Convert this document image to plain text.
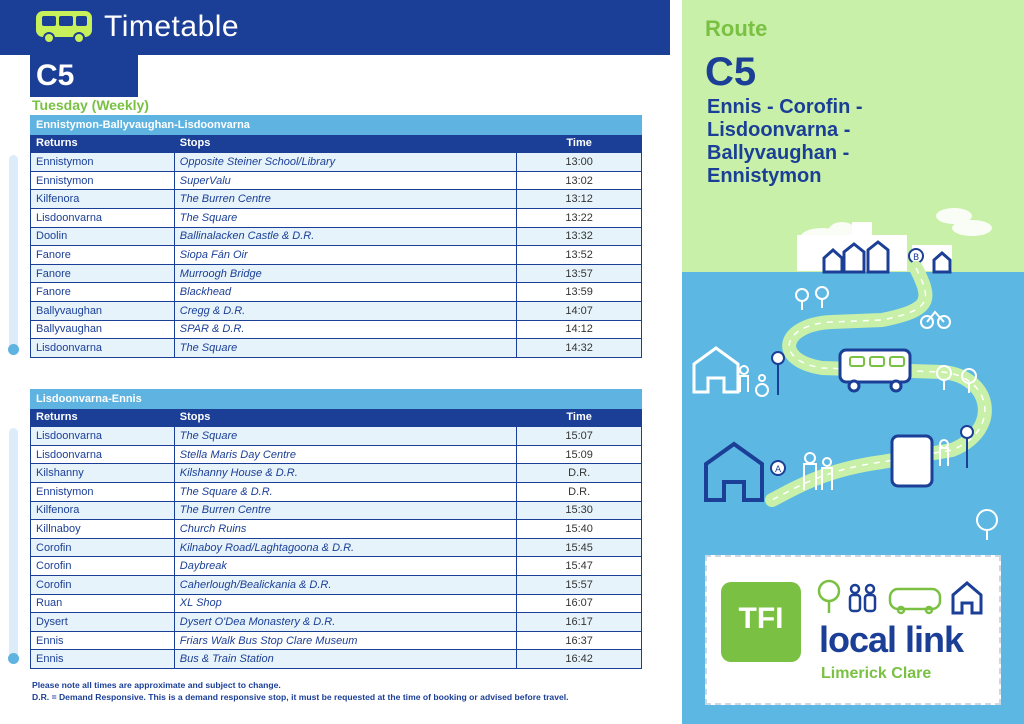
Timetable
C5
Tuesday (Weekly)
Ennistymon-Ballyvaughan-Lisdoonvarna		
Returns	Stops	Time
Ennistymon	Opposite Steiner School/Library	13:00
Ennistymon	SuperValu	13:02
Kilfenora	The Burren Centre	13:12
Lisdoonvarna	The Square	13:22
Doolin	Ballinalacken Castle & D.R.	13:32
Fanore	Siopa Fán Oir	13:52
Fanore	Murroogh Bridge	13:57
Fanore	Blackhead	13:59
Ballyvaughan	Cregg & D.R.	14:07
Ballyvaughan	SPAR & D.R.	14:12
Lisdoonvarna	The Square	14:32
Lisdoonvarna-Ennis		
Returns	Stops	Time
Lisdoonvarna	The Square	15:07
Lisdoonvarna	Stella Maris Day Centre	15:09
Kilshanny	Kilshanny House & D.R.	D.R.
Ennistymon	The Square & D.R.	D.R.
Kilfenora	The Burren Centre	15:30
Killnaboy	Church Ruins	15:40
Corofin	Kilnaboy Road/Laghtagoona & D.R.	15:45
Corofin	Daybreak	15:47
Corofin	Caherlough/Bealickania & D.R.	15:57
Ruan	XL Shop	16:07
Dysert	Dysert O'Dea Monastery & D.R.	16:17
Ennis	Friars Walk Bus Stop Clare Museum	16:37
Ennis	Bus & Train Station	16:42
Please note all times are approximate and subject to change.
D.R. = Demand Responsive. This is a demand responsive stop, it must be requested at the time of booking or advised before travel.
Route
C5
Ennis - Corofin -
Lisdoonvarna -
Ballyvaughan -
Ennistymon
B
A
TFI
local link
Limerick Clare
